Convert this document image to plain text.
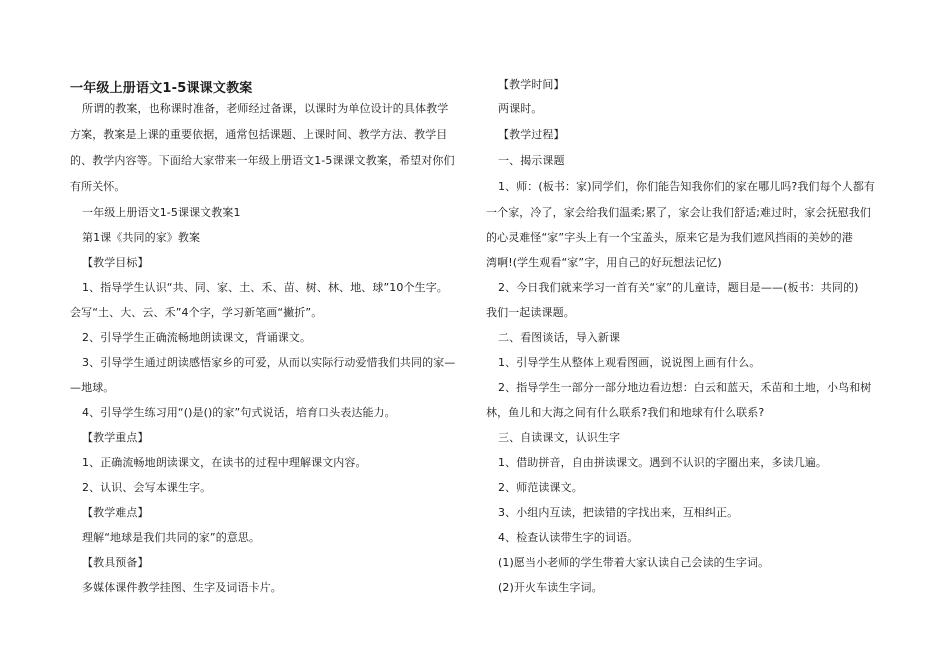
一年级上册语文1-5课课文教案
所谓的教案，也称课时准备，老师经过备课，以课时为单位设计的具体教学
方案，教案是上课的重要依据，通常包括课题、上课时间、教学方法、教学目
的、教学内容等。下面给大家带来一年级上册语文1-5课课文教案，希望对你们
有所关怀。
一年级上册语文1-5课课文教案1
第1课《共同的家》教案
【教学目标】
1、指导学生认识“共、同、家、土、禾、苗、树、林、地、球”10个生字。
会写“土、大、云、禾”4个字，学习新笔画“撇折”。
2、引导学生正确流畅地朗读课文，背诵课文。
3、引导学生通过朗读感悟家乡的可爱，从而以实际行动爱惜我们共同的家—
—地球。
4、引导学生练习用“()是()的家”句式说话，培育口头表达能力。
【教学重点】
1、正确流畅地朗读课文，在读书的过程中理解课文内容。
2、认识、会写本课生字。
【教学难点】
理解“地球是我们共同的家”的意思。
【教具预备】
多媒体课件教学挂图、生字及词语卡片。
【教学时间】
两课时。
【教学过程】
一、揭示课题
1、师：(板书：家)同学们，你们能告知我你们的家在哪儿吗?我们每个人都有
一个家，冷了，家会给我们温柔;累了，家会让我们舒适;难过时，家会抚慰我们
的心灵难怪“家”字头上有一个宝盖头，原来它是为我们遮风挡雨的美妙的港
湾啊!(学生观看“家”字，用自己的好玩想法记忆)
2、今日我们就来学习一首有关“家”的儿童诗，题目是——(板书：共同的)
我们一起读课题。
二、看图谈话，导入新课
1、引导学生从整体上观看图画，说说图上画有什么。
2、指导学生一部分一部分地边看边想：白云和蓝天，禾苗和土地，小鸟和树
林，鱼儿和大海之间有什么联系?我们和地球有什么联系?
三、自读课文，认识生字
1、借助拼音，自由拼读课文。遇到不认识的字圈出来，多读几遍。
2、师范读课文。
3、小组内互读，把读错的字找出来，互相纠正。
4、检查认读带生字的词语。
(1)愿当小老师的学生带着大家认读自己会读的生字词。
(2)开火车读生字词。
